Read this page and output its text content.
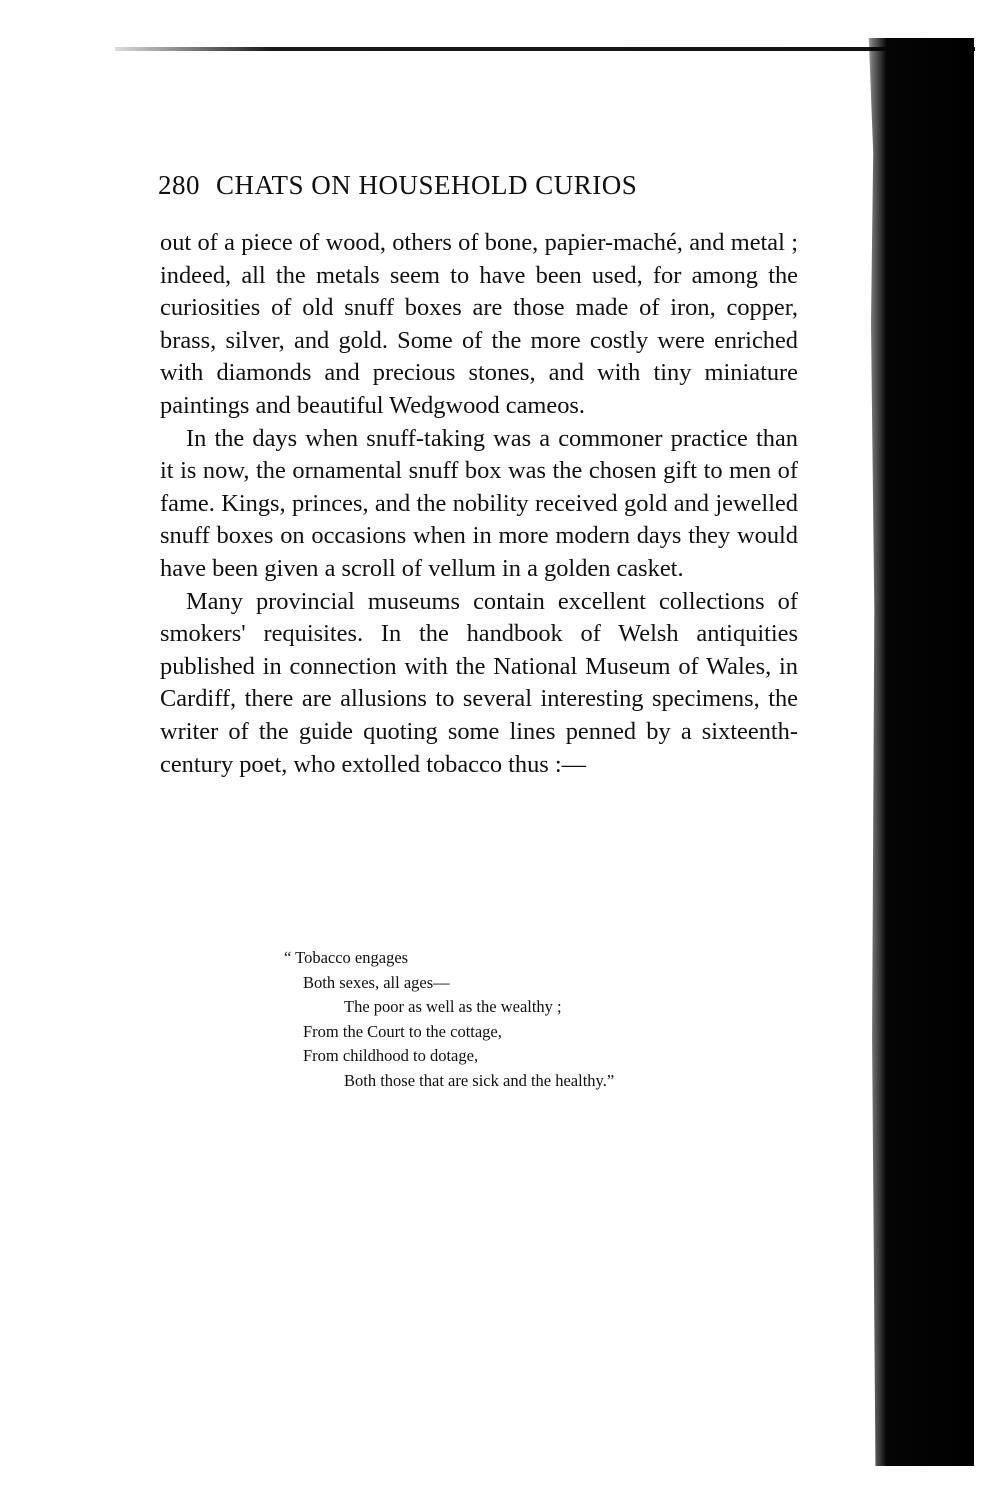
280 CHATS ON HOUSEHOLD CURIOS

out of a piece of wood, others of bone, papier-maché, and metal ; indeed, all the metals seem to have been used, for among the curiosities of old snuff boxes are those made of iron, copper, brass, silver, and gold. Some of the more costly were enriched with diamonds and precious stones, and with tiny miniature paintings and beautiful Wedgwood cameos.

In the days when snuff-taking was a commoner practice than it is now, the ornamental snuff box was the chosen gift to men of fame. Kings, princes, and the nobility received gold and jewelled snuff boxes on occasions when in more modern days they would have been given a scroll of vellum in a golden casket.

Many provincial museums contain excellent collections of smokers' requisites. In the handbook of Welsh antiquities published in connection with the National Museum of Wales, in Cardiff, there are allusions to several interesting specimens, the writer of the guide quoting some lines penned by a sixteenth-century poet, who extolled tobacco thus :—

“ Tobacco engages
Both sexes, all ages—
The poor as well as the wealthy ;
From the Court to the cottage,
From childhood to dotage,
Both those that are sick and the healthy.”
